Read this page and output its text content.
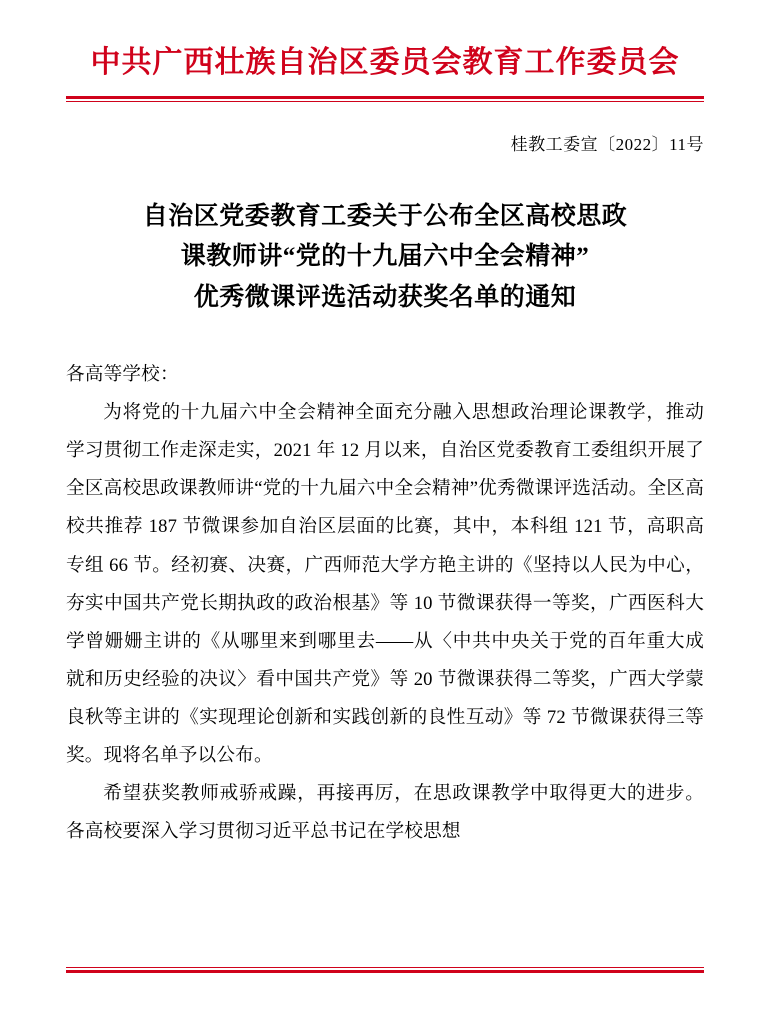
中共广西壮族自治区委员会教育工作委员会
桂教工委宣〔2022〕11号
自治区党委教育工委关于公布全区高校思政
课教师讲“党的十九届六中全会精神”
优秀微课评选活动获奖名单的通知

各高等学校：

为将党的十九届六中全会精神全面充分融入思想政治理论课教学，推动学习贯彻工作走深走实，2021 年 12 月以来，自治区党委教育工委组织开展了全区高校思政课教师讲“党的十九届六中全会精神”优秀微课评选活动。全区高校共推荐 187 节微课参加自治区层面的比赛，其中，本科组 121 节，高职高专组 66 节。经初赛、决赛，广西师范大学方艳主讲的《坚持以人民为中心，夯实中国共产党长期执政的政治根基》等 10 节微课获得一等奖，广西医科大学曾姗姗主讲的《从哪里来到哪里去——从〈中共中央关于党的百年重大成就和历史经验的决议〉看中国共产党》等 20 节微课获得二等奖，广西大学蒙良秋等主讲的《实现理论创新和实践创新的良性互动》等 72 节微课获得三等奖。现将名单予以公布。

希望获奖教师戒骄戒躁，再接再厉，在思政课教学中取得更大的进步。各高校要深入学习贯彻习近平总书记在学校思想
